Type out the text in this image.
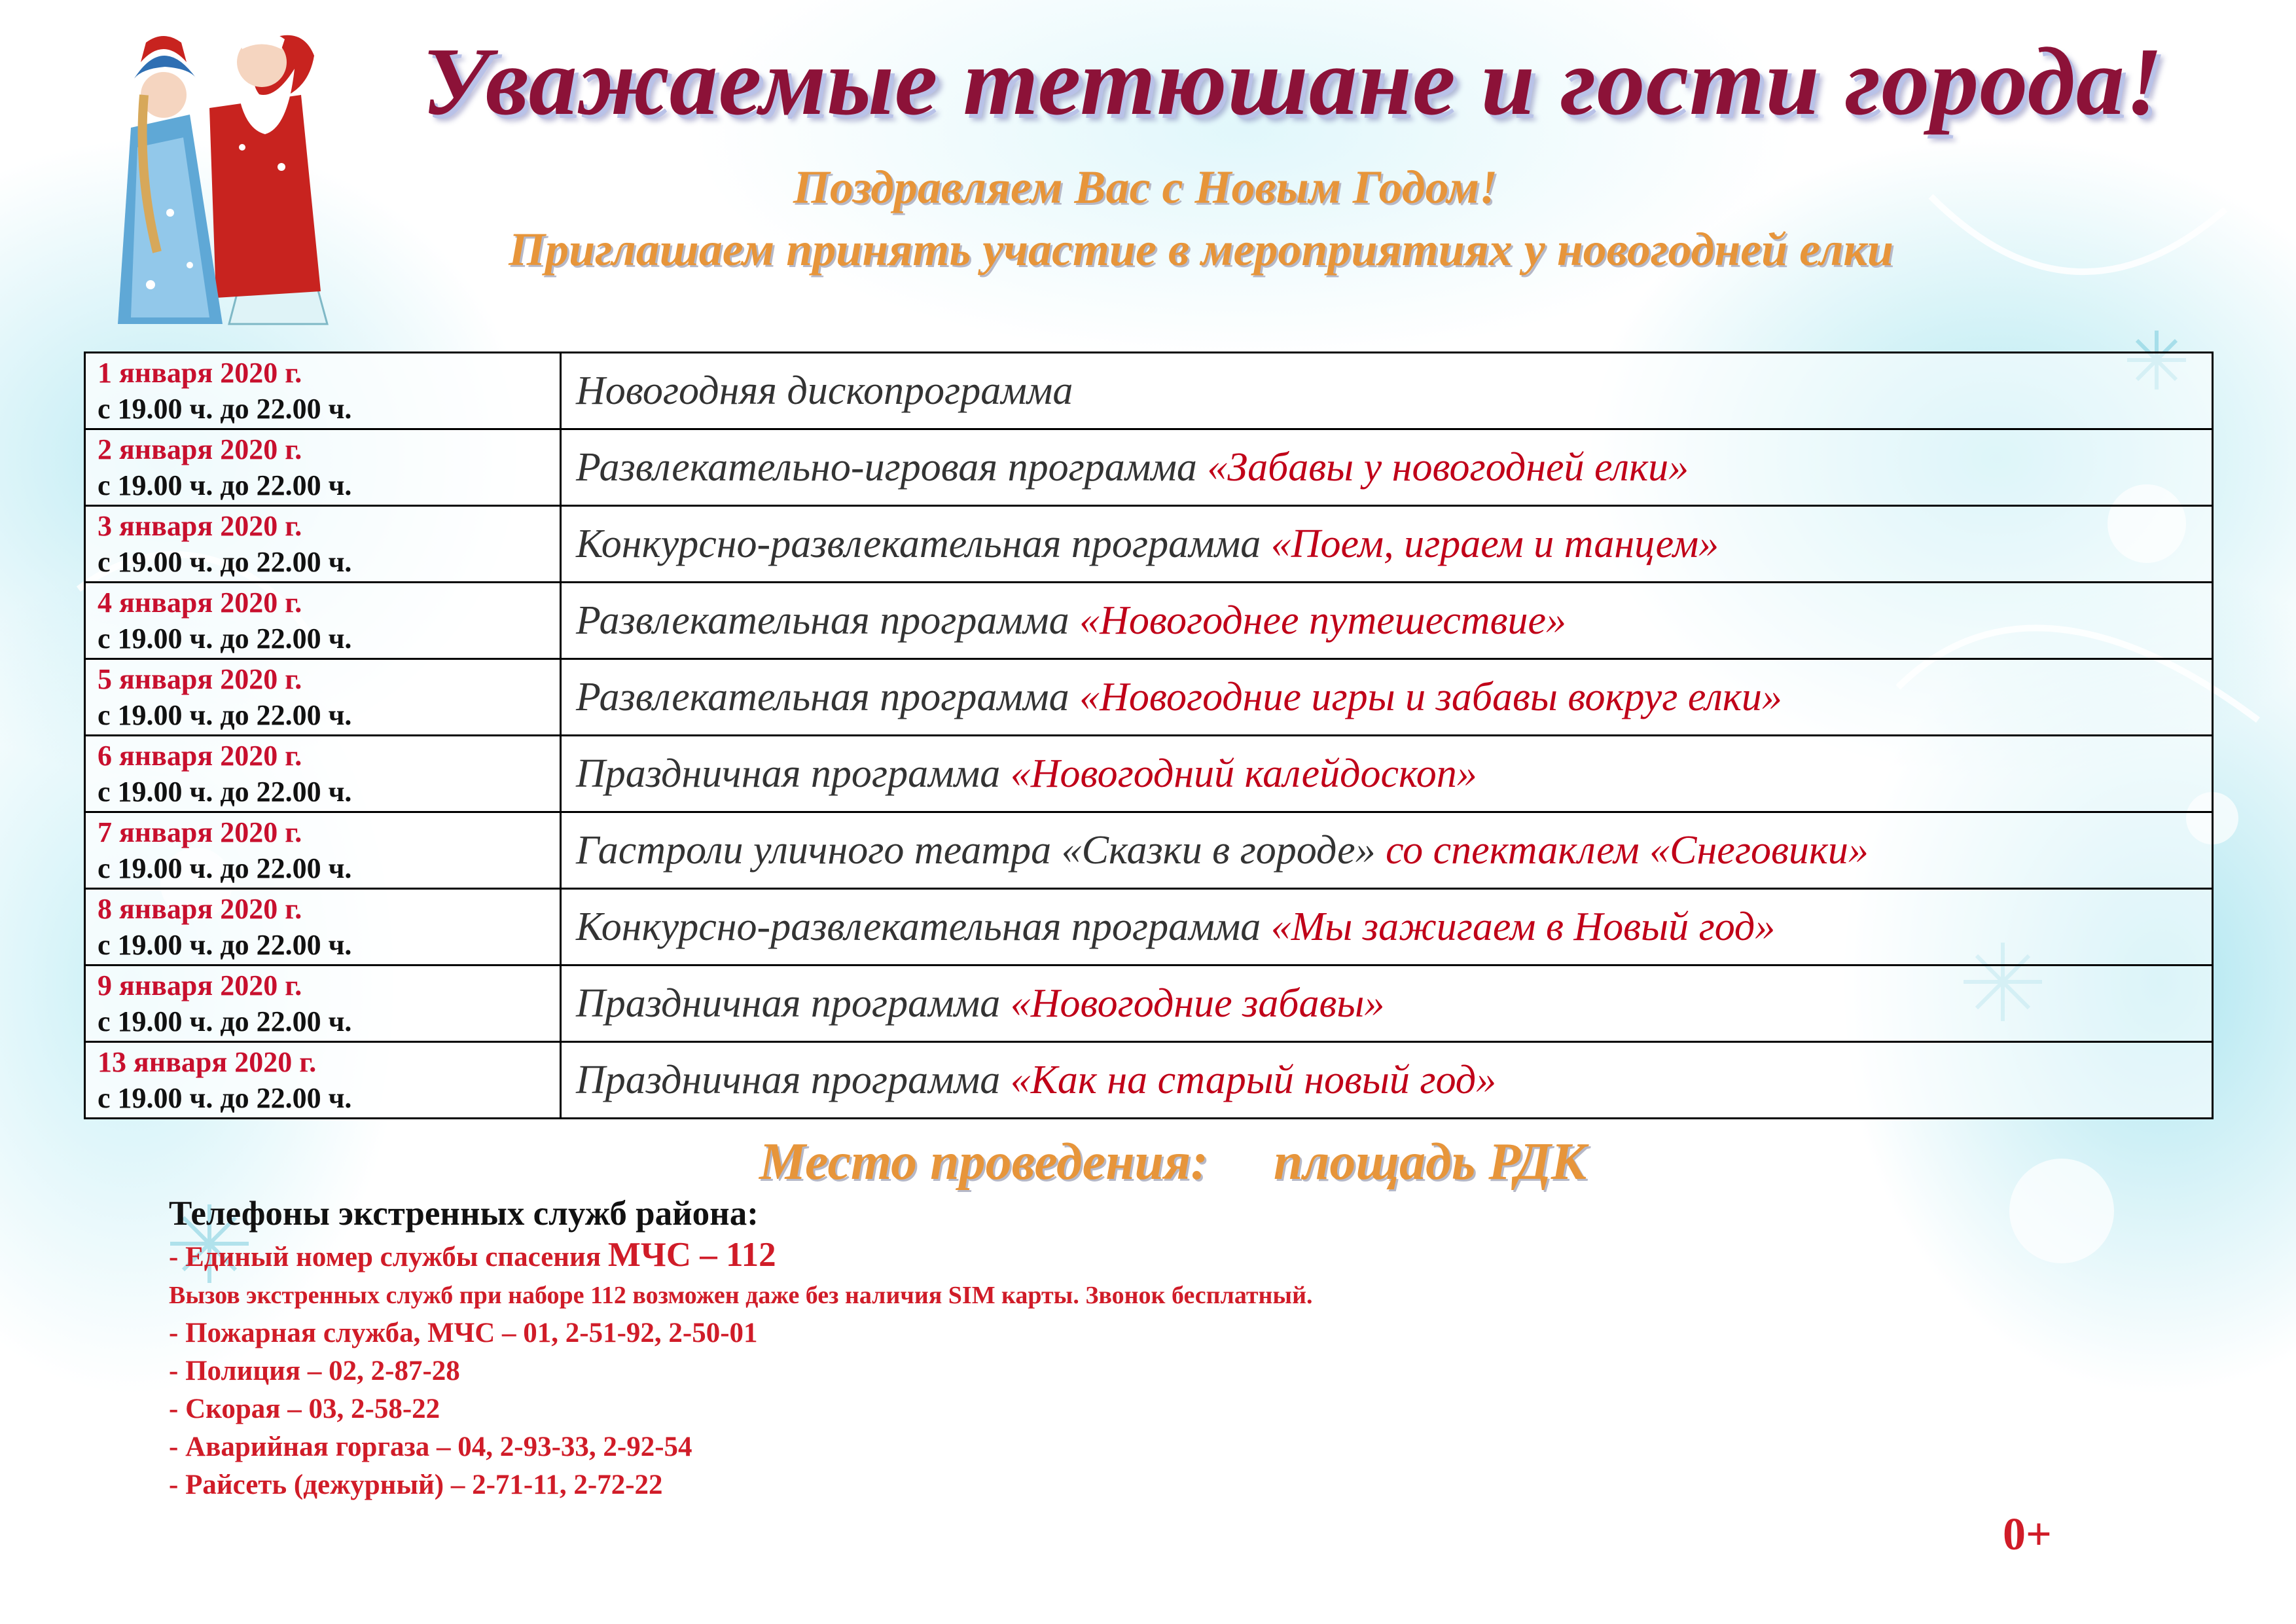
Уважаемые тетюшане и гости города!
Поздравляем Вас с Новым Годом!
Приглашаем принять участие в мероприятиях у новогодней елки
1 января 2020 г.
с 19.00 ч. до 22.00 ч.	Новогодняя дископрограмма

2 января 2020 г.
с 19.00 ч. до 22.00 ч.	Развлекательно-игровая программа «Забавы у новогодней елки»

3 января 2020 г.
с 19.00 ч. до 22.00 ч.	Конкурсно-развлекательная программа «Поем, играем и танцем»

4 января 2020 г.
с 19.00 ч. до 22.00 ч.	Развлекательная программа «Новогоднее путешествие»

5 января 2020 г.
с 19.00 ч. до 22.00 ч.	Развлекательная программа «Новогодние игры и забавы вокруг елки»

6 января 2020 г.
с 19.00 ч. до 22.00 ч.	Праздничная программа «Новогодний калейдоскоп»

7 января 2020 г.
с 19.00 ч. до 22.00 ч.	Гастроли уличного театра «Сказки в городе» со спектаклем «Снеговики»

8 января 2020 г.
с 19.00 ч. до 22.00 ч.	Конкурсно-развлекательная программа «Мы зажигаем в Новый год»

9 января 2020 г.
с 19.00 ч. до 22.00 ч.	Праздничная программа «Новогодние забавы»

13 января 2020 г.
с 19.00 ч. до 22.00 ч.	Праздничная программа «Как на старый новый год»
Место проведения: площадь РДК
Телефоны экстренных служб района:
- Единый номер службы спасения МЧС – 112
Вызов экстренных служб при наборе 112 возможен даже без наличия SIM карты. Звонок бесплатный.
- Пожарная служба, МЧС – 01, 2-51-92, 2-50-01
- Полиция – 02, 2-87-28
- Скорая – 03, 2-58-22
- Аварийная горгаза – 04, 2-93-33, 2-92-54
- Райсеть (дежурный) – 2-71-11, 2-72-22
0+
